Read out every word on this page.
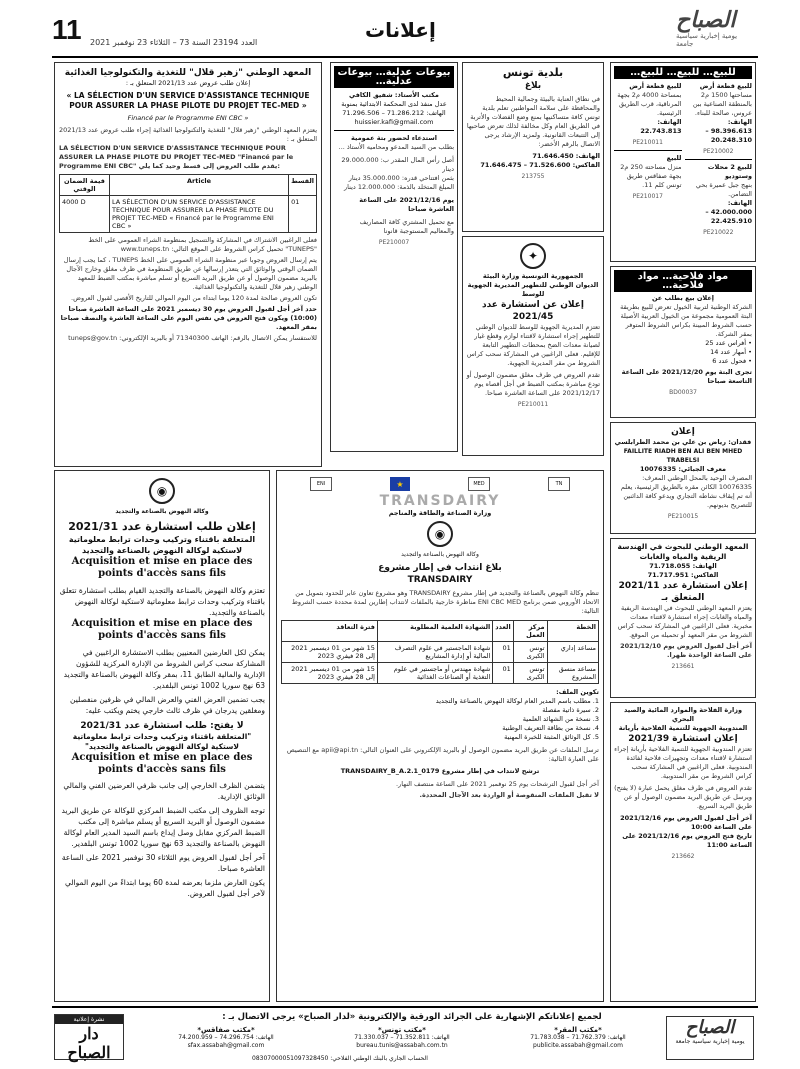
11 العدد 23194 السنة 73 – الثلاثاء 23 نوفمبر 2021
إعلانات	الصباح
يومية إخبارية سياسية جامعة
المعهد الوطني "زهير قلال" للتغذية والتكنولوجيا الغذائية
إعلان طلب عروض عدد 2021/13 المتعلق بـ :
« LA SÉLECTION D'UN SERVICE D'ASSISTANCE TECHNIQUE POUR ASSURER LA PHASE PILOTE DU PROJET TEC-MED »
Financé par le Programme ENI CBC »
يعتزم المعهد الوطني "زهير قلال" للتغذية والتكنولوجيا الغذائية إجراء طلب عروض عدد 2021/13 المتعلق بـ :
LA SÉLECTION D'UN SERVICE D'ASSISTANCE TECHNIQUE POUR ASSURER LA PHASE PILOTE DU PROJET TEC-MED "Financé par le Programme ENI CBC" يقدم طلب العروض إلى قسط وحيد كما يلي:
قيمة الضمان الوقتي	Article	القسط
4000 D	LA SÉLECTION D'UN SERVICE D'ASSISTANCE TECHNIQUE POUR ASSURER LA PHASE PILOTE DU PROJET TEC-MED « Financé par le Programme ENI CBC »	01
فعلى الراغبين الاشتراك في المشاركة والتسجيل بمنظومة الشراء العمومي على الخط "TUNEPS" تحميل كراس الشروط على الموقع التالي: www.tuneps.tn
يتم إرسال العروض وجوبا عبر منظومة الشراء العمومي على الخط TUNEPS ، كما يجب إرسال الضمان الوقتي والوثائق التي يتعذر إرسالها عن طريق المنظومة في ظرف مغلق وخارج الآجال بالبريد مضمون الوصول أو عن طريق البريد السريع أو تسلم مباشرة بمكتب الضبط للمعهد الوطني زهير قلال للتغذية والتكنولوجيا الغذائية.
تكون العروض صالحة لمدة 120 يوما ابتداء من اليوم الموالي للتاريخ الأقصى لقبول العروض.
حدد آخر أجل لقبول العروض يوم 30 ديسمبر 2021 على الساعة العاشرة صباحا (10:00) ويكون فتح العروض في نفس اليوم على الساعة العاشرة والنصف صباحا بمقر المعهد.
للاستفسار يمكن الاتصال بالرقم: الهاتف 71340300 أو بالبريد الإلكتروني: tuneps@gov.tn
بيوعات عدلية… بيوعات عدلية…
مكتب الأستاذ: شفيق الكافي
عدل منفذ لدى المحكمة الابتدائية بمنوبة
الهاتف: 71.286.212 – 71.296.506
huissier.kafi@gmail.com
استدعاء لحضور بتة عمومية
بطلب من السيد المدعو ومحاميه الأستاذ ...
أصل رأس المال المقدر ب: 29.000.000 دينار
بثمن افتتاحي قدره: 35.000.000 دينار
المبلغ المتخلد بالذمة: 12.000.000 دينار
يوم 2021/12/16 على الساعة العاشرة صباحا
مع تحميل المشتري كافة المصاريف والمعاليم المستوجبة قانونا
PE210007
بلدية تونس
بلاغ
في نطاق العناية بالبيئة وجمالية المحيط والمحافظة على سلامة المواطنين تعلم بلدية تونس كافة متساكنيها بمنع وضع الفضلات والأتربة في الطريق العام وكل مخالفة لذلك تعرض صاحبها إلى التتبعات القانونية. ولمزيد الإرشاد يرجى الاتصال بالرقم الأخضر:
الهاتف: 71.646.450
الفاكس: 71.526.600 – 71.646.475
213755
✦
الجمهورية التونسية وزارة البيئة
الديوان الوطني للتطهير المديرية الجهوية للوسط
إعلان عن استشارة عدد 2021/45
تعتزم المديرية الجهوية للوسط للديوان الوطني للتطهير إجراء استشارة لاقتناء لوازم وقطع غيار لصيانة معدات الضخ بمحطات التطهير التابعة للإقليم. فعلى الراغبين في المشاركة سحب كراس الشروط من مقر المديرية الجهوية.
تقدم العروض في ظرف مغلق مضمون الوصول أو تودع مباشرة بمكتب الضبط في أجل أقصاه يوم 2021/12/17 على الساعة العاشرة صباحا.
PE210011
للبيع… للبيع… للبيع…
للبيع قطعة أرض
مساحتها 1500 م2 بالمنطقة الصناعية ببن عروس، صالحة للبناء.
الهاتف: 98.396.613 – 20.248.310
PE210002
للبيع 2 محلات وستوديو
بنهج جبل عميرة بحي التضامن.
الهاتف: 42.000.000 – 22.425.910
PE210022
للبيع قطعة أرض
بمساحة 4000 م2 بجهة المرناقية، قرب الطريق الرئيسية.
الهاتف: 22.743.813
PE210011
للبيع
منزل مساحته 250 م2 بجهة صفاقس طريق تونس كلم 11.
PE210017
مواد فلاحية… مواد فلاحية…
إعلان بيع بطلب عن
الشركة الوطنية لتربية الخيول تعرض للبيع بطريقة البتة العمومية مجموعة من الخيول العربية الأصيلة حسب الشروط المبينة بكراس الشروط المتوفر بمقر الشركة.
• أفراس عدد 25
• أمهار عدد 14
• فحول عدد 6
تجرى البتة يوم 2021/12/20 على الساعة التاسعة صباحا
BD00037
إعلان
فقدان: رياض بن علي بن محمد الطرابلسي
FAILLITE RIADH BEN ALI BEN MHED TRABELSI
معرف الجبائي: 10076335
المصرف الوحيد بالمحل الوطني المعرف: 10076335 الكائن مقره بالطريق الرئيسية، يعلم أنه تم إيقاف نشاطه التجاري ويدعو كافة الدائنين للتصريح بديونهم.
PE210015
المعهد الوطني للبحوث في الهندسة الريفية والمياه والغابات
الهاتف: 71.718.055
الفاكس: 71.717.951
إعلان استشارة عدد 2021/11 المتعلق بـ
يعتزم المعهد الوطني للبحوث في الهندسة الريفية والمياه والغابات إجراء استشارة لاقتناء معدات مخبرية. فعلى الراغبين في المشاركة سحب كراس الشروط من مقر المعهد أو تحميله من الموقع.
آخر أجل لقبول العروض يوم 2021/12/10 على الساعة الواحدة ظهرا.
213661
وزارة الفلاحة والموارد المائية والصيد البحري
المندوبية الجهوية للتنمية الفلاحية بأريانة
إعلان استشارة 2021/39
تعتزم المندوبية الجهوية للتنمية الفلاحية بأريانة إجراء استشارة لاقتناء معدات وتجهيزات فلاحية لفائدة المندوبية. فعلى الراغبين في المشاركة سحب كراس الشروط من مقر المندوبية.
تقدم العروض في ظرف مغلق يحمل عبارة (لا يفتح) ويرسل عن طريق البريد مضمون الوصول أو عن طريق البريد السريع.
آخر أجل لقبول العروض يوم 2021/12/16 على الساعة 10:00
تاريخ فتح العروض يوم 2021/12/16 على الساعة 11:00
213662
◉
وكالة النهوض بالصناعة والتجديد
إعلان طلب استشارة عدد 2021/31
المتعلقة باقتناء وتركيب وحدات ترابط معلوماتية لاستكية لوكالة النهوض بالصناعة والتجديد
Acquisition et mise en place des points d'accès sans fils
تعتزم وكالة النهوض بالصناعة والتجديد القيام بطلب استشارة تتعلق باقتناء وتركيب وحدات ترابط معلوماتية لاستكية لوكالة النهوض بالصناعة والتجديد.
Acquisition et mise en place des points d'accès sans fils
يمكن لكل العارضين المعنيين بطلب الاستشارة الراغبين في المشاركة سحب كراس الشروط من الإدارة المركزية للشؤون الإدارية والمالية الطابق 11، بمقر وكالة النهوض بالصناعة والتجديد 63 نهج سوريا 1002 تونس البلفدير.
يجب تضمين العرض الفني والعرض المالي في ظرفين منفصلين ومغلقين يدرجان في ظرف ثالث خارجي يختم ويكتب عليه:
لا يفتح: طلب استشارة عدد 2021/31
"المتعلقة باقتناء وتركيب وحدات ترابط معلوماتية لاستكية لوكالة النهوض بالصناعة والتجديد"
Acquisition et mise en place des points d'accès sans fils
يتضمن الظرف الخارجي إلى جانب ظرفي العرضين الفني والمالي الوثائق الإدارية.
توجه الظروف إلى مكتب الضبط المركزي للوكالة عن طريق البريد مضمون الوصول أو البريد السريع أو يسلم مباشرة إلى مكتب الضبط المركزي مقابل وصل إيداع باسم السيد المدير العام لوكالة النهوض بالصناعة والتجديد 63 نهج سوريا 1002 تونس البلفدير.
آخر أجل لقبول العروض يوم الثلاثاء 30 نوفمبر 2021 على الساعة العاشرة صباحا.
يكون العارض ملزما بعرضه لمدة 60 يوما ابتداءً من اليوم الموالي لآخر أجل لقبول العروض.
ENI	★	MED	TN
TRANSDAIRY
وزارة الصناعة والطاقة والمناجم
◉
وكالة النهوض بالصناعة والتجديد
بلاغ انتداب في إطار مشروع
TRANSDAIRY
تنظم وكالة النهوض بالصناعة والتجديد في إطار مشروع TRANSDAIRY وهو مشروع تعاون عابر للحدود بتمويل من الاتحاد الأوروبي ضمن برنامج ENI CBC MED مناظرة خارجية بالملفات لانتداب إطارين لمدة محددة حسب الشروط التالية:
الخطة	مركز العمل	العدد	الشهادة العلمية المطلوبة	فترة التعاقد
مساعد إداري	تونس الكبرى	01	شهادة الماجستير في علوم التصرف المالية أو إدارة المشاريع	15 شهر من 01 ديسمبر 2021 إلى 28 فيفري 2023
مساعد منسق المشروع	تونس الكبرى	01	شهادة مهندس أو ماجستير في علوم التغذية أو الصناعات الغذائية	15 شهر من 01 ديسمبر 2021 إلى 28 فيفري 2023
تكوين الملف:
1. مطلب باسم المدير العام لوكالة النهوض بالصناعة والتجديد
2. سيرة ذاتية مفصلة
3. نسخة من الشهائد العلمية
4. نسخة من بطاقة التعريف الوطنية
5. كل الوثائق المثبتة للخبرة المهنية
ترسل الملفات عن طريق البريد مضمون الوصول أو بالبريد الإلكتروني على العنوان التالي: apii@api.tn مع التنصيص على العبارة التالية:
ترشح لانتداب في إطار مشروع TRANSDAIRY_B_A.2.1_0179
آخر أجل لقبول الترشحات يوم 25 نوفمبر 2021 على الساعة منتصف النهار.
لا تقبل الملفات المنقوصة أو الواردة بعد الآجال المحددة.
نشرة إعلانية
دار الصباح
لجميع إعلاناتكم الإشهارية على الجرائد الورقية والإلكترونية «لدار الصباح» يرجى الاتصال بـ :
*مكتب المقر*
الهاتف: 71.762.379 – 71.783.038
publicite.assabah@gmail.com
*مكتب تونس*
الهاتف: 71.352.811 – 71.330.037
bureau.tunis@assabah.com.tn
*مكتب صفاقس*
الهاتف: 74.296.754 – 74.200.959
sfax.assabah@gmail.com
الحساب الجاري بالبنك الوطني الفلاحي: 08307000051097328450
الصباح
يومية إخبارية سياسية جامعة
